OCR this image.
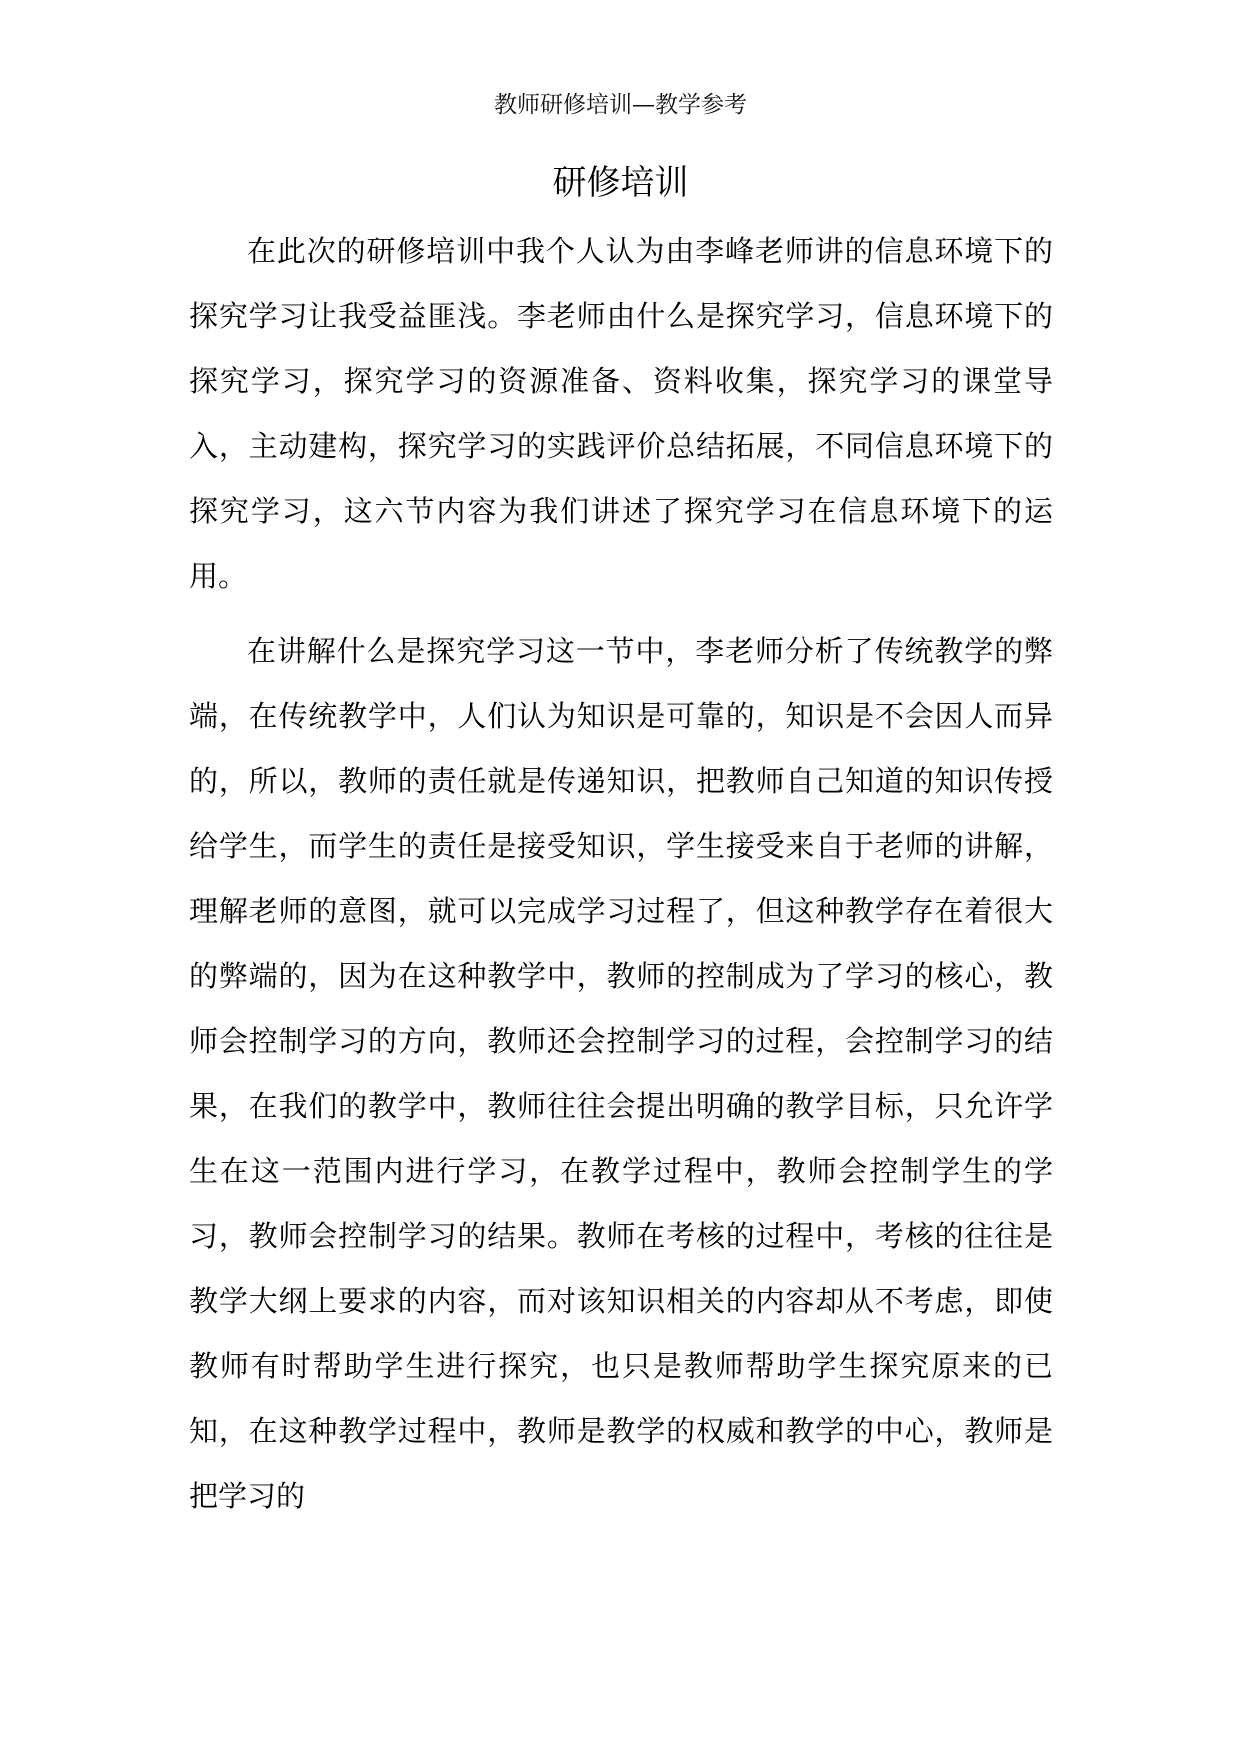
教师研修培训—教学参考
研修培训

在此次的研修培训中我个人认为由李峰老师讲的信息环境下的探究学习让我受益匪浅。李老师由什么是探究学习，信息环境下的探究学习，探究学习的资源准备、资料收集，探究学习的课堂导入，主动建构，探究学习的实践评价总结拓展，不同信息环境下的探究学习，这六节内容为我们讲述了探究学习在信息环境下的运用。

在讲解什么是探究学习这一节中，李老师分析了传统教学的弊端，在传统教学中，人们认为知识是可靠的，知识是不会因人而异的，所以，教师的责任就是传递知识，把教师自己知道的知识传授给学生，而学生的责任是接受知识，学生接受来自于老师的讲解，理解老师的意图，就可以完成学习过程了，但这种教学存在着很大的弊端的，因为在这种教学中，教师的控制成为了学习的核心，教师会控制学习的方向，教师还会控制学习的过程，会控制学习的结果，在我们的教学中，教师往往会提出明确的教学目标，只允许学生在这一范围内进行学习，在教学过程中，教师会控制学生的学习，教师会控制学习的结果。教师在考核的过程中，考核的往往是教学大纲上要求的内容，而对该知识相关的内容却从不考虑，即使教师有时帮助学生进行探究，也只是教师帮助学生探究原来的已知，在这种教学过程中，教师是教学的权威和教学的中心，教师是把学习的
